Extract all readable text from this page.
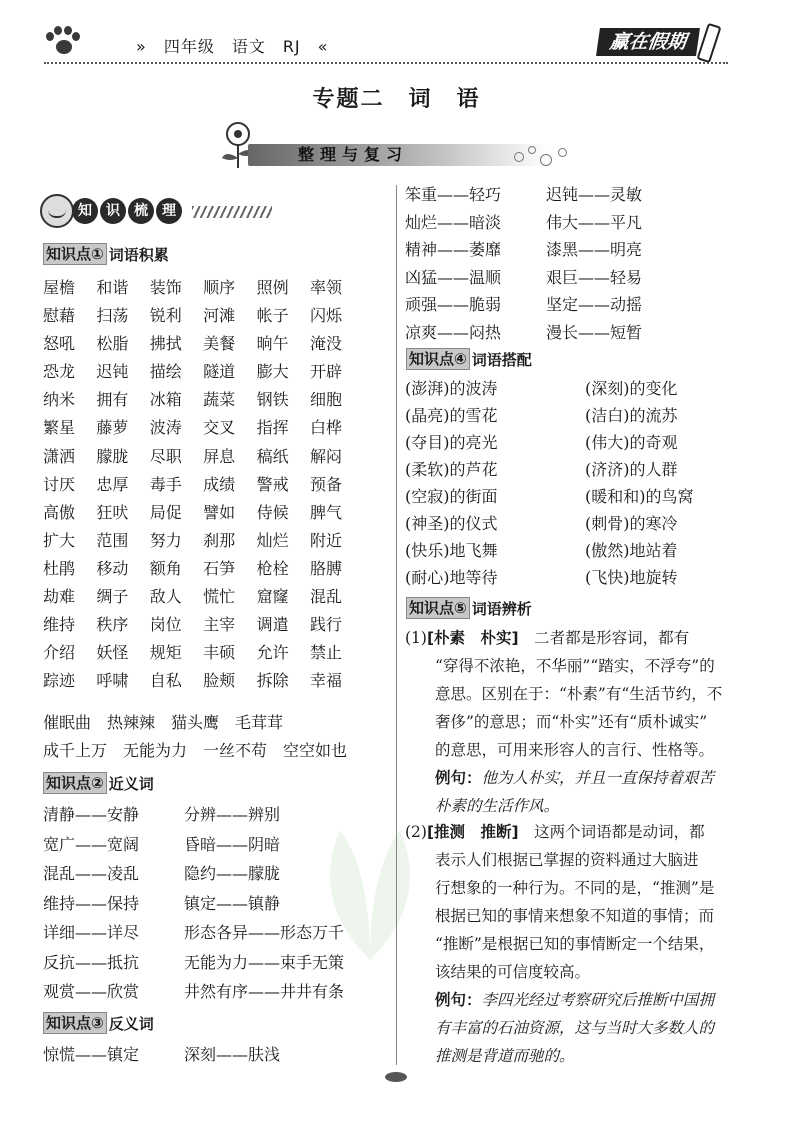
»　 四年级　语文　RJ　 «	赢在假期
专题二　词　语
整理与复习
知	识	梳	理
知识点① 词语积累
屋檐	和谐	装饰	顺序	照例	率领
慰藉	扫荡	锐利	河滩	帐子	闪烁
怒吼	松脂	拂拭	美餐	晌午	淹没
恐龙	迟钝	描绘	隧道	膨大	开辟
纳米	拥有	冰箱	蔬菜	钢铁	细胞
繁星	藤萝	波涛	交叉	指挥	白桦
潇洒	朦胧	尽职	屏息	稿纸	解闷
讨厌	忠厚	毒手	成绩	警戒	预备
高傲	狂吠	局促	譬如	侍候	脾气
扩大	范围	努力	刹那	灿烂	附近
杜鹃	移动	额角	石笋	枪栓	胳膊
劫难	绸子	敌人	慌忙	窟窿	混乱
维持	秩序	岗位	主宰	调遣	践行
介绍	妖怪	规矩	丰硕	允许	禁止
踪迹	呼啸	自私	脸颊	拆除	幸福
催眠曲　热辣辣　猫头鹰　毛茸茸
成千上万　无能为力　一丝不苟　空空如也
知识点② 近义词
清静——安静	分辨——辨别
宽广——宽阔	昏暗——阴暗
混乱——凌乱	隐约——朦胧
维持——保持	镇定——镇静
详细——详尽	形态各异——形态万千
反抗——抵抗	无能为力——束手无策
观赏——欣赏	井然有序——井井有条
知识点③ 反义词
惊慌——镇定	深刻——肤浅
笨重——轻巧	迟钝——灵敏
灿烂——暗淡	伟大——平凡
精神——萎靡	漆黑——明亮
凶猛——温顺	艰巨——轻易
顽强——脆弱	坚定——动摇
凉爽——闷热	漫长——短暂
知识点④ 词语搭配
(澎湃)的波涛	(深刻)的变化
(晶亮)的雪花	(洁白)的流苏
(夺目)的亮光	(伟大)的奇观
(柔软)的芦花	(济济)的人群
(空寂)的街面	(暖和和)的鸟窝
(神圣)的仪式	(刺骨)的寒冷
(快乐)地飞舞	(傲然)地站着
(耐心)地等待	(飞快)地旋转
知识点⑤ 词语辨析
(1)[朴素　朴实]　 二者都是形容词，都有
“穿得不浓艳，不华丽”“踏实，不浮夸”的
意思。区别在于：“朴素”有“生活节约，不
奢侈”的意思；而“朴实”还有“质朴诚实”
的意思，可用来形容人的言行、性格等。
例句：他为人朴实，并且一直保持着艰苦
朴素的生活作风。
(2)[推测　推断]　 这两个词语都是动词，都
表示人们根据已掌握的资料通过大脑进
行想象的一种行为。不同的是，“推测”是
根据已知的事情来想象不知道的事情；而
“推断”是根据已知的事情断定一个结果，
该结果的可信度较高。
例句：李四光经过考察研究后推断中国拥
有丰富的石油资源，这与当时大多数人的
推测是背道而驰的。
